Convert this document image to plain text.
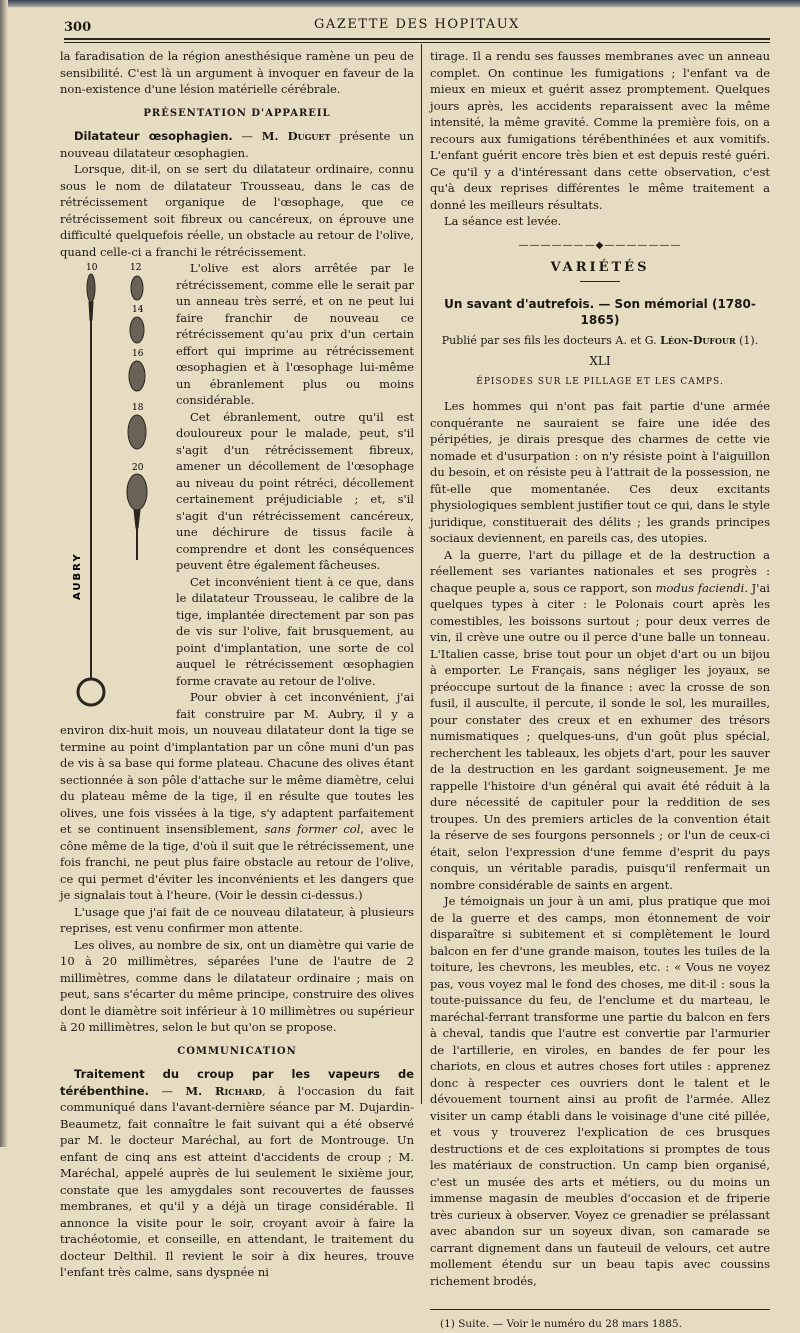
300	GAZETTE DES HOPITAUX

la faradisation de la région anesthésique ramène un peu de sensibilité. C'est là un argument à invoquer en faveur de la non-existence d'une lésion matérielle cérébrale.

PRÉSENTATION D'APPAREIL

Dilatateur œsophagien. — M. Duguet présente un nouveau dilatateur œsophagien.

Lorsque, dit-il, on se sert du dilatateur ordinaire, connu sous le nom de dilatateur Trousseau, dans le cas de rétrécissement organique de l'œsophage, que ce rétrécissement soit fibreux ou cancéreux, on éprouve une difficulté quelquefois réelle, un obstacle au retour de l'olive, quand celle-ci a franchi le rétrécissement.

10	12
14
16
18
20
AUBRY

L'olive est alors arrêtée par le rétrécissement, comme elle le serait par un anneau très serré, et on ne peut lui faire franchir de nouveau ce rétrécissement qu'au prix d'un certain effort qui imprime au rétrécissement œsophagien et à l'œsophage lui-même un ébranlement plus ou moins considérable.

Cet ébranlement, outre qu'il est douloureux pour le malade, peut, s'il s'agit d'un rétrécissement fibreux, amener un décollement de l'œsophage au niveau du point rétréci, décollement certainement préjudiciable ; et, s'il s'agit d'un rétrécissement cancéreux, une déchirure de tissus facile à comprendre et dont les conséquences peuvent être également fâcheuses.

Cet inconvénient tient à ce que, dans le dilatateur Trousseau, le calibre de la tige, implantée directement par son pas de vis sur l'olive, fait brusquement, au point d'implantation, une sorte de col auquel le rétrécissement œsophagien forme cravate au retour de l'olive.

Pour obvier à cet inconvénient, j'ai fait construire par M. Aubry, il y a environ dix-huit mois, un nouveau dilatateur dont la tige se termine au point d'implantation par un cône muni d'un pas de vis à sa base qui forme plateau. Chacune des olives étant sectionnée à son pôle d'attache sur le même diamètre, celui du plateau même de la tige, il en résulte que toutes les olives, une fois vissées à la tige, s'y adaptent parfaitement et se continuent insensiblement, sans former col, avec le cône même de la tige, d'où il suit que le rétrécissement, une fois franchi, ne peut plus faire obstacle au retour de l'olive, ce qui permet d'éviter les inconvénients et les dangers que je signalais tout à l'heure. (Voir le dessin ci-dessus.)

L'usage que j'ai fait de ce nouveau dilatateur, à plusieurs reprises, est venu confirmer mon attente.

Les olives, au nombre de six, ont un diamètre qui varie de 10 à 20 millimètres, séparées l'une de l'autre de 2 millimètres, comme dans le dilatateur ordinaire ; mais on peut, sans s'écarter du même principe, construire des olives dont le diamètre soit inférieur à 10 millimètres ou supérieur à 20 millimètres, selon le but qu'on se propose.

COMMUNICATION

Traitement du croup par les vapeurs de térébenthine. — M. Richard, à l'occasion du fait communiqué dans l'avant-dernière séance par M. Dujardin-Beaumetz, fait connaître le fait suivant qui a été observé par M. le docteur Maréchal, au fort de Montrouge. Un enfant de cinq ans est atteint d'accidents de croup ; M. Maréchal, appelé auprès de lui seulement le sixième jour, constate que les amygdales sont recouvertes de fausses membranes, et qu'il y a déjà un tirage considérable. Il annonce la visite pour le soir, croyant avoir à faire la trachéotomie, et conseille, en attendant, le traitement du docteur Delthil. Il revient le soir à dix heures, trouve l'enfant très calme, sans dyspnée ni

tirage. Il a rendu ses fausses membranes avec un anneau complet. On continue les fumigations ; l'enfant va de mieux en mieux et guérit assez promptement. Quelques jours après, les accidents reparaissent avec la même intensité, la même gravité. Comme la première fois, on a recours aux fumigations térébenthinées et aux vomitifs. L'enfant guérit encore très bien et est depuis resté guéri. Ce qu'il y a d'intéressant dans cette observation, c'est qu'à deux reprises différentes le même traitement a donné les meilleurs résultats.

La séance est levée.

———————◆———————
VARIÉTÉS
Un savant d'autrefois. — Son mémorial (1780-1865)
Publié par ses fils les docteurs A. et G. Léon-Dufour (1).
XLI
ÉPISODES SUR LE PILLAGE ET LES CAMPS.

Les hommes qui n'ont pas fait partie d'une armée conquérante ne sauraient se faire une idée des péripéties, je dirais presque des charmes de cette vie nomade et d'usurpation : on n'y résiste point à l'aiguillon du besoin, et on résiste peu à l'attrait de la possession, ne fût-elle que momentanée. Ces deux excitants physiologiques semblent justifier tout ce qui, dans le style juridique, constituerait des délits ; les grands principes sociaux deviennent, en pareils cas, des utopies.

A la guerre, l'art du pillage et de la destruction a réellement ses variantes nationales et ses progrès : chaque peuple a, sous ce rapport, son modus faciendi. J'ai quelques types à citer : le Polonais court après les comestibles, les boissons surtout ; pour deux verres de vin, il crève une outre ou il perce d'une balle un tonneau. L'Italien casse, brise tout pour un objet d'art ou un bijou à emporter. Le Français, sans négliger les joyaux, se préoccupe surtout de la finance : avec la crosse de son fusil, il ausculte, il percute, il sonde le sol, les murailles, pour constater des creux et en exhumer des trésors numismatiques ; quelques-uns, d'un goût plus spécial, recherchent les tableaux, les objets d'art, pour les sauver de la destruction en les gardant soigneusement. Je me rappelle l'histoire d'un général qui avait été réduit à la dure nécessité de capituler pour la reddition de ses troupes. Un des premiers articles de la convention était la réserve de ses fourgons personnels ; or l'un de ceux-ci était, selon l'expression d'une femme d'esprit du pays conquis, un véritable paradis, puisqu'il renfermait un nombre considérable de saints en argent.

Je témoignais un jour à un ami, plus pratique que moi de la guerre et des camps, mon étonnement de voir disparaître si subitement et si complètement le lourd balcon en fer d'une grande maison, toutes les tuiles de la toiture, les chevrons, les meubles, etc. : « Vous ne voyez pas, vous voyez mal le fond des choses, me dit-il : sous la toute-puissance du feu, de l'enclume et du marteau, le maréchal-ferrant transforme une partie du balcon en fers à cheval, tandis que l'autre est convertie par l'armurier de l'artillerie, en viroles, en bandes de fer pour les chariots, en clous et autres choses fort utiles : apprenez donc à respecter ces ouvriers dont le talent et le dévouement tournent ainsi au profit de l'armée. Allez visiter un camp établi dans le voisinage d'une cité pillée, et vous y trouverez l'explication de ces brusques destructions et de ces exploitations si promptes de tous les matériaux de construction. Un camp bien organisé, c'est un musée des arts et métiers, ou du moins un immense magasin de meubles d'occasion et de friperie très curieux à observer. Voyez ce grenadier se prélassant avec abandon sur un soyeux divan, son camarade se carrant dignement dans un fauteuil de velours, cet autre mollement étendu sur un beau tapis avec coussins richement brodés,

(1) Suite. — Voir le numéro du 28 mars 1885.
